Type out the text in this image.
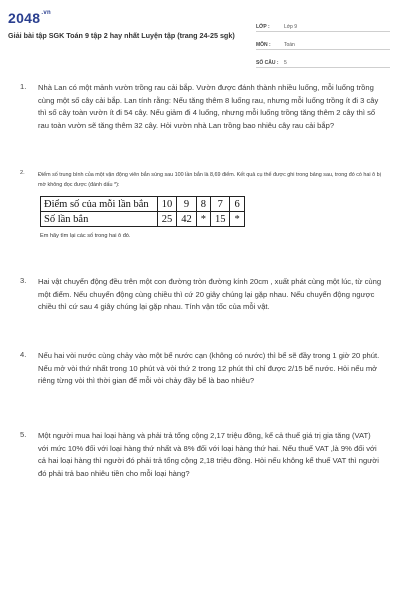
$2048^{.vn}$
Giải bài tập SGK Toán 9 tập 2 hay nhất Luyện tập (trang 24-25 sgk)
LỚP :	Lớp 9
MÔN :	Toán
SỐ CÂU :	5
1. Nhà Lan có một mảnh vườn trồng rau cải bắp. Vườn được đánh thành nhiều luống, mỗi luống trồng cùng một số cây cải bắp. Lan tính rằng: Nếu tăng thêm 8 luống rau, nhưng mỗi luống trồng ít đi 3 cây thì số cây toàn vườn ít đi 54 cây. Nếu giảm đi 4 luống, nhưng mỗi luống trồng tăng thêm 2 cây thì số rau toàn vườn sẽ tăng thêm 32 cây. Hỏi vườn nhà Lan trồng bao nhiêu cây rau cải bắp?
2. Điểm số trung bình của một vận động viên bắn súng sau 100 lần bắn là 8,69 điểm. Kết quả cụ thể được ghi trong bảng sau, trong đó có hai ô bị mờ không đọc được (đánh dấu *):
Điểm số của mỗi lần bắn	10	9	8	7	6
Số lần bắn	25	42	*	15	*
Em hãy tìm lại các số trong hai ô đó.
3. Hai vật chuyển động đều trên một con đường tròn đường kính 20cm , xuất phát cùng một lúc, từ cùng một điểm. Nếu chuyển động cùng chiều thì cứ 20 giây chúng lại gặp nhau. Nếu chuyển động ngược chiều thì cứ sau 4 giây chúng lại gặp nhau. Tính vận tốc của mỗi vật.
4. Nếu hai vòi nước cùng chảy vào một bể nước cạn (không có nước) thì bể sẽ đầy trong 1 giờ 20 phút. Nếu mở vòi thứ nhất trong 10 phút và vòi thứ 2 trong 12 phút thì chỉ được 2/15 bể nước. Hỏi nếu mở riêng từng vòi thì thời gian để mỗi vòi chảy đầy bể là bao nhiêu?
5. Một người mua hai loại hàng và phải trả tổng cộng 2,17 triệu đồng, kể cả thuế giá trị gia tăng (VAT) với mức 10% đối với loại hàng thứ nhất và 8% đối với loại hàng thứ hai. Nếu thuế VAT ,là 9% đối với cả hai loại hàng thì người đó phải trả tổng cộng 2,18 triệu đồng. Hỏi nếu không kể thuế VAT thì người đó phải trả bao nhiêu tiền cho mỗi loại hàng?
